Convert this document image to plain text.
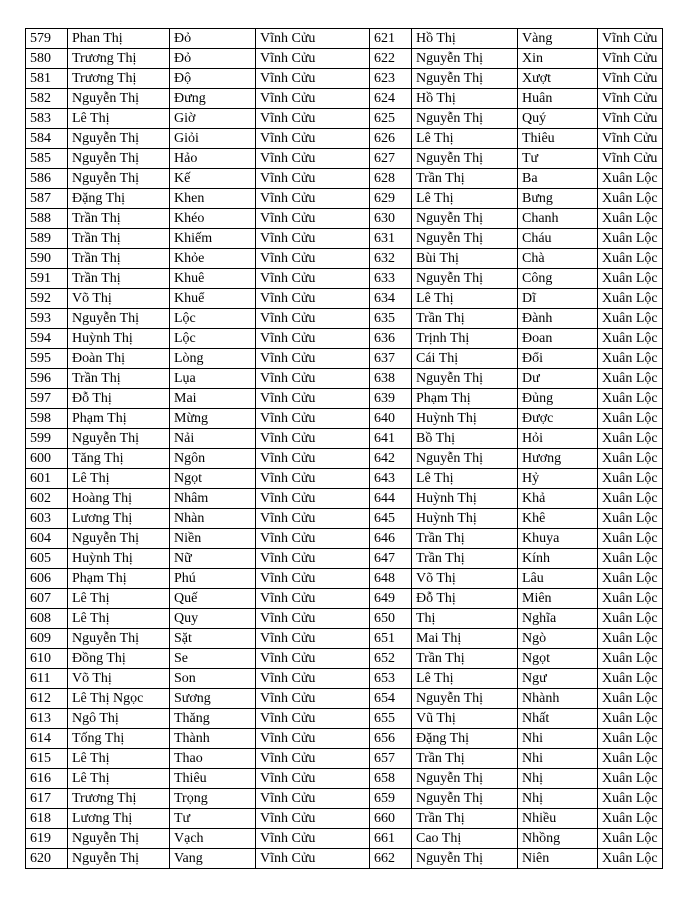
579	Phan Thị	Đỏ	Vĩnh Cửu	621	Hồ Thị	Vàng	Vĩnh Cửu
580	Trương Thị	Đỏ	Vĩnh Cửu	622	Nguyễn Thị	Xin	Vĩnh Cửu
581	Trương Thị	Độ	Vĩnh Cửu	623	Nguyễn Thị	Xượt	Vĩnh Cửu
582	Nguyễn Thị	Đưng	Vĩnh Cửu	624	Hồ Thị	Huân	Vĩnh Cửu
583	Lê Thị	Giờ	Vĩnh Cửu	625	Nguyễn Thị	Quý	Vĩnh Cửu
584	Nguyễn Thị	Giỏi	Vĩnh Cửu	626	Lê Thị	Thiêu	Vĩnh Cửu
585	Nguyễn Thị	Hảo	Vĩnh Cửu	627	Nguyễn Thị	Tư	Vĩnh Cửu
586	Nguyễn Thị	Kế	Vĩnh Cửu	628	Trần Thị	Ba	Xuân Lộc
587	Đặng Thị	Khen	Vĩnh Cửu	629	Lê Thị	Bưng	Xuân Lộc
588	Trần Thị	Khéo	Vĩnh Cửu	630	Nguyễn Thị	Chanh	Xuân Lộc
589	Trần Thị	Khiếm	Vĩnh Cửu	631	Nguyễn Thị	Cháu	Xuân Lộc
590	Trần Thị	Khỏe	Vĩnh Cửu	632	Bùi Thị	Chà	Xuân Lộc
591	Trần Thị	Khuê	Vĩnh Cửu	633	Nguyễn Thị	Công	Xuân Lộc
592	Võ Thị	Khuể	Vĩnh Cửu	634	Lê Thị	Dĩ	Xuân Lộc
593	Nguyễn Thị	Lộc	Vĩnh Cửu	635	Trần Thị	Đành	Xuân Lộc
594	Huỳnh Thị	Lộc	Vĩnh Cửu	636	Trịnh Thị	Đoan	Xuân Lộc
595	Đoàn Thị	Lòng	Vĩnh Cửu	637	Cái Thị	Đổi	Xuân Lộc
596	Trần Thị	Lụa	Vĩnh Cửu	638	Nguyễn Thị	Dư	Xuân Lộc
597	Đỗ Thị	Mai	Vĩnh Cửu	639	Phạm Thị	Đủng	Xuân Lộc
598	Phạm Thị	Mừng	Vĩnh Cửu	640	Huỳnh Thị	Được	Xuân Lộc
599	Nguyễn Thị	Nải	Vĩnh Cửu	641	Bồ Thị	Hỏi	Xuân Lộc
600	Tăng Thị	Ngôn	Vĩnh Cửu	642	Nguyễn Thị	Hương	Xuân Lộc
601	Lê Thị	Ngọt	Vĩnh Cửu	643	Lê Thị	Hỷ	Xuân Lộc
602	Hoàng Thị	Nhâm	Vĩnh Cửu	644	Huỳnh Thị	Khả	Xuân Lộc
603	Lương Thị	Nhàn	Vĩnh Cửu	645	Huỳnh Thị	Khê	Xuân Lộc
604	Nguyễn Thị	Niền	Vĩnh Cửu	646	Trần Thị	Khuya	Xuân Lộc
605	Huỳnh Thị	Nữ	Vĩnh Cửu	647	Trần Thị	Kính	Xuân Lộc
606	Phạm Thị	Phú	Vĩnh Cửu	648	Võ Thị	Lâu	Xuân Lộc
607	Lê Thị	Quế	Vĩnh Cửu	649	Đỗ Thị	Miên	Xuân Lộc
608	Lê Thị	Quy	Vĩnh Cửu	650	Thị	Nghĩa	Xuân Lộc
609	Nguyễn Thị	Sặt	Vĩnh Cửu	651	Mai Thị	Ngò	Xuân Lộc
610	Đồng Thị	Se	Vĩnh Cửu	652	Trần Thị	Ngọt	Xuân Lộc
611	Võ Thị	Son	Vĩnh Cửu	653	Lê Thị	Ngư	Xuân Lộc
612	Lê Thị Ngọc	Sương	Vĩnh Cửu	654	Nguyễn Thị	Nhành	Xuân Lộc
613	Ngô Thị	Thăng	Vĩnh Cửu	655	Vũ Thị	Nhất	Xuân Lộc
614	Tống Thị	Thành	Vĩnh Cửu	656	Đặng Thị	Nhi	Xuân Lộc
615	Lê Thị	Thao	Vĩnh Cửu	657	Trần Thị	Nhi	Xuân Lộc
616	Lê Thị	Thiêu	Vĩnh Cửu	658	Nguyễn Thị	Nhị	Xuân Lộc
617	Trương Thị	Trọng	Vĩnh Cửu	659	Nguyễn Thị	Nhị	Xuân Lộc
618	Lương Thị	Tư	Vĩnh Cửu	660	Trần Thị	Nhiều	Xuân Lộc
619	Nguyễn Thị	Vạch	Vĩnh Cửu	661	Cao Thị	Nhồng	Xuân Lộc
620	Nguyễn Thị	Vang	Vĩnh Cửu	662	Nguyễn Thị	Niên	Xuân Lộc
